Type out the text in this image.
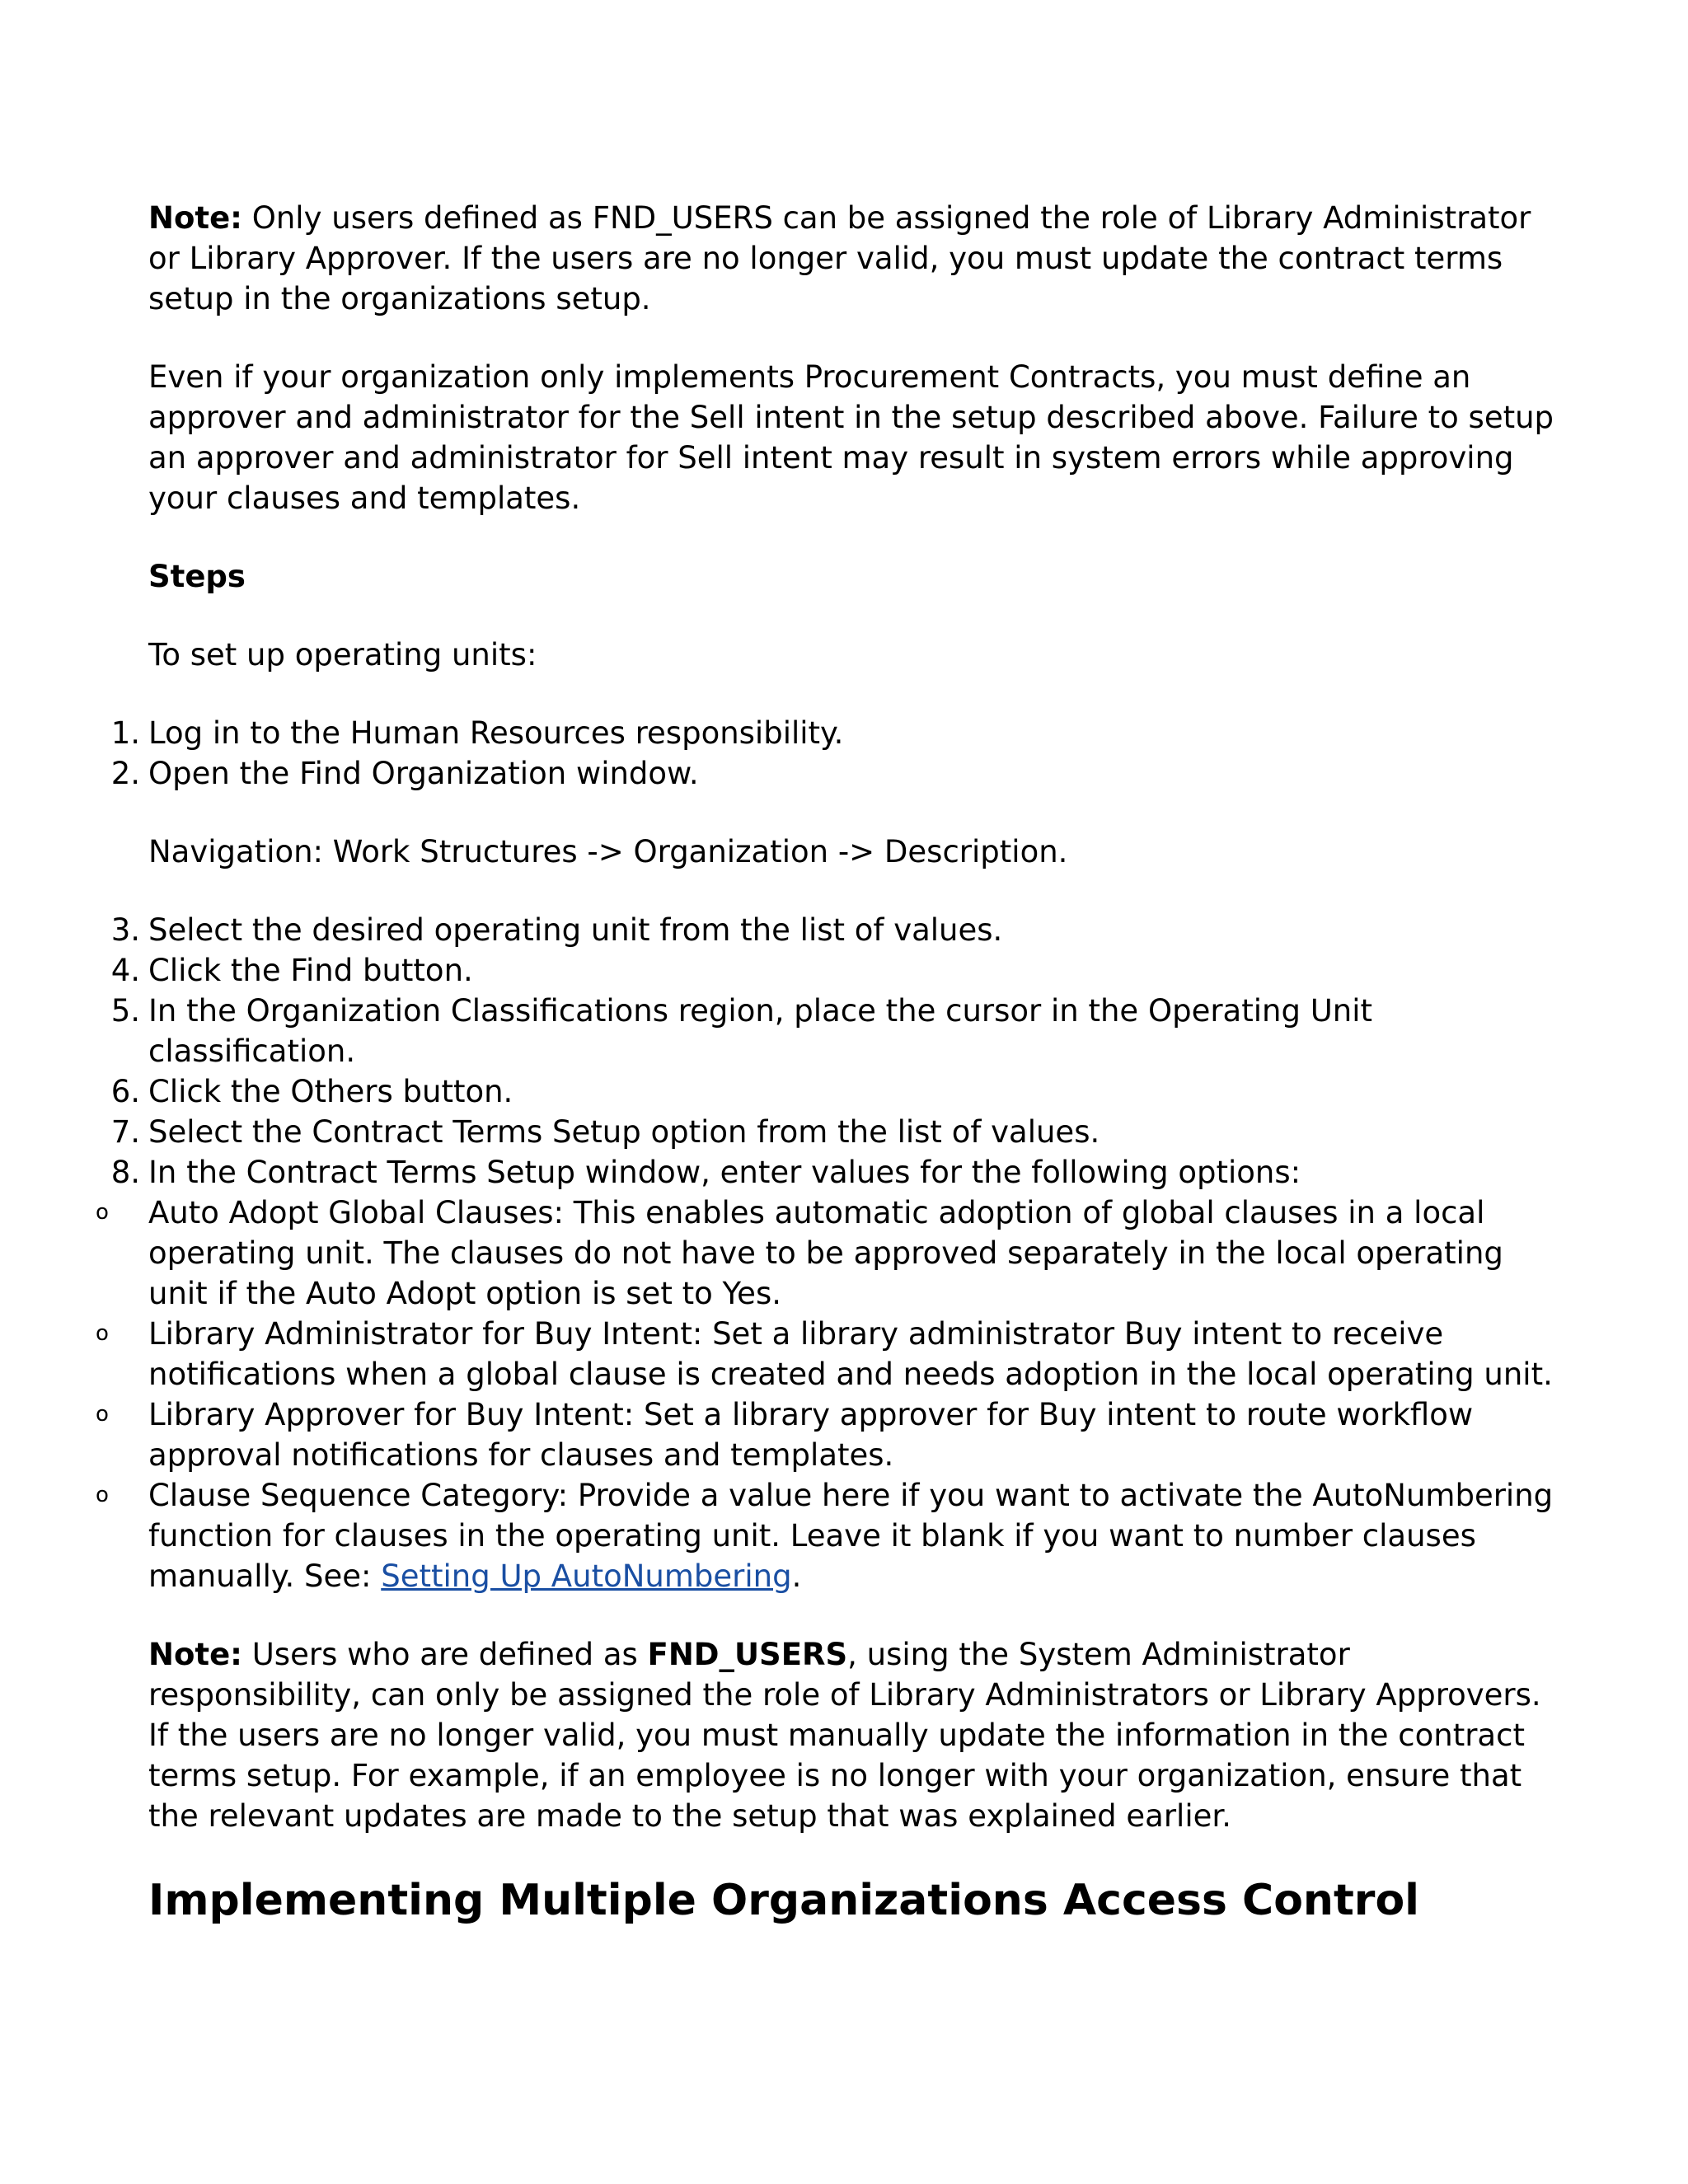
Note: Only users defined as FND_USERS can be assigned the role of Library Administrator or Library Approver. If the users are no longer valid, you must update the contract terms setup in the organizations setup.

Even if your organization only implements Procurement Contracts, you must define an approver and administrator for the Sell intent in the setup described above. Failure to setup an approver and administrator for Sell intent may result in system errors while approving your clauses and templates.

Steps

To set up operating units:

1. Log in to the Human Resources responsibility.
2. Open the Find Organization window.
Navigation: Work Structures -> Organization -> Description.
3. Select the desired operating unit from the list of values.
4. Click the Find button.
5. In the Organization Classifications region, place the cursor in the Operating Unit classification.
6. Click the Others button.
7. Select the Contract Terms Setup option from the list of values.
8. In the Contract Terms Setup window, enter values for the following options:
o Auto Adopt Global Clauses: This enables automatic adoption of global clauses in a local operating unit. The clauses do not have to be approved separately in the local operating unit if the Auto Adopt option is set to Yes.
o Library Administrator for Buy Intent: Set a library administrator Buy intent to receive notifications when a global clause is created and needs adoption in the local operating unit.
o Library Approver for Buy Intent: Set a library approver for Buy intent to route workflow approval notifications for clauses and templates.
o Clause Sequence Category: Provide a value here if you want to activate the AutoNumbering function for clauses in the operating unit. Leave it blank if you want to number clauses manually. See: Setting Up AutoNumbering.

Note: Users who are defined as FND_USERS, using the System Administrator responsibility, can only be assigned the role of Library Administrators or Library Approvers. If the users are no longer valid, you must manually update the information in the contract terms setup. For example, if an employee is no longer with your organization, ensure that the relevant updates are made to the setup that was explained earlier.

Implementing Multiple Organizations Access Control
